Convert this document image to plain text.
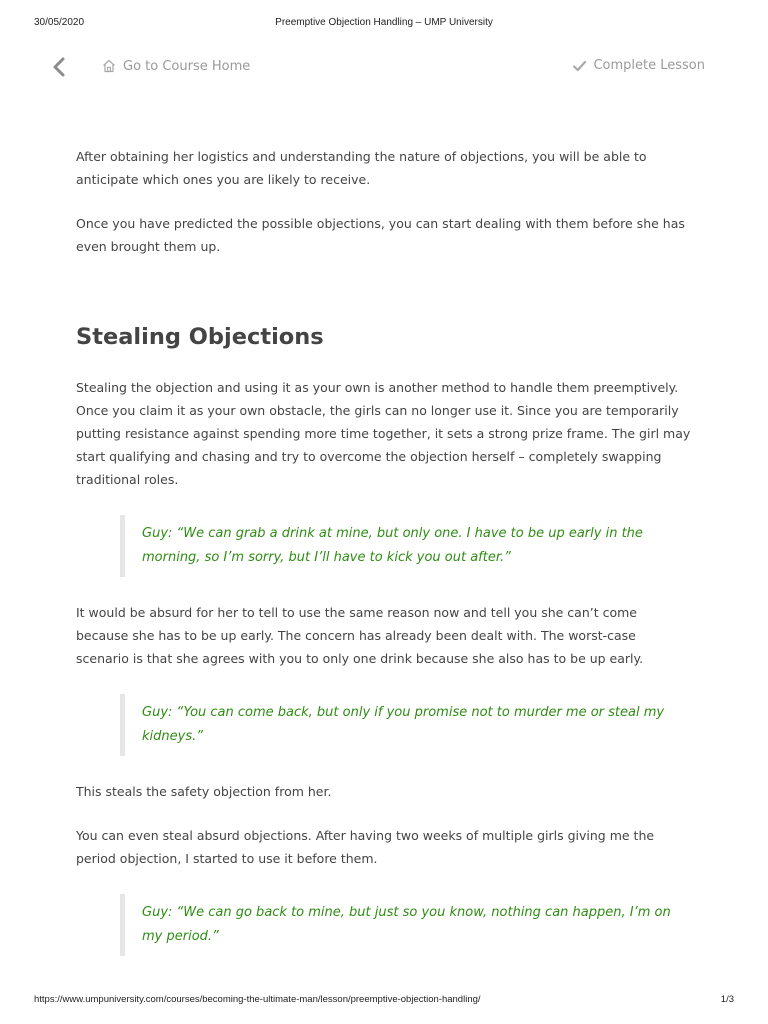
30/05/2020	Preemptive Objection Handling – UMP University
Go to Course Home	Complete Lesson

After obtaining her logistics and understanding the nature of objections, you will be able to anticipate which ones you are likely to receive.

Once you have predicted the possible objections, you can start dealing with them before she has even brought them up.

Stealing Objections

Stealing the objection and using it as your own is another method to handle them preemptively. Once you claim it as your own obstacle, the girls can no longer use it. Since you are temporarily putting resistance against spending more time together, it sets a strong prize frame. The girl may start qualifying and chasing and try to overcome the objection herself – completely swapping traditional roles.

Guy: “We can grab a drink at mine, but only one. I have to be up early in the morning, so I’m sorry, but I’ll have to kick you out after.”

It would be absurd for her to tell to use the same reason now and tell you she can’t come because she has to be up early. The concern has already been dealt with. The worst-case scenario is that she agrees with you to only one drink because she also has to be up early.

Guy: “You can come back, but only if you promise not to murder me or steal my kidneys.”

This steals the safety objection from her.

You can even steal absurd objections. After having two weeks of multiple girls giving me the period objection, I started to use it before them.

Guy: “We can go back to mine, but just so you know, nothing can happen, I’m on my period.”

https://www.umpuniversity.com/courses/becoming-the-ultimate-man/lesson/preemptive-objection-handling/	1/3
